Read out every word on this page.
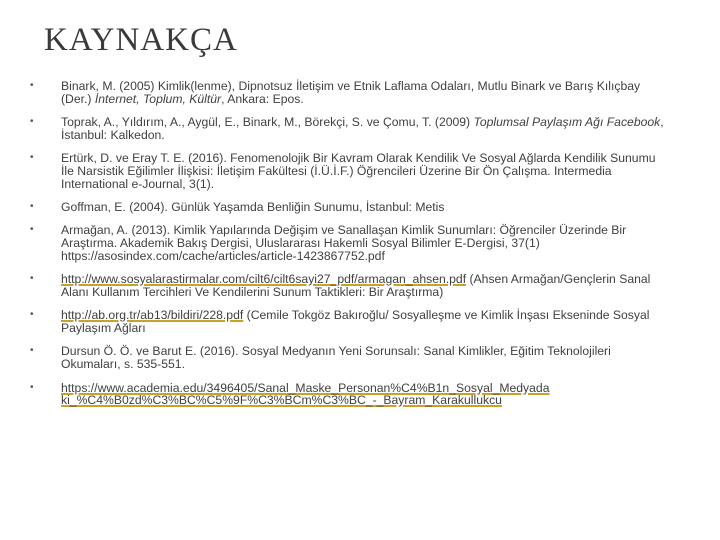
KAYNAKÇA
• Binark, M. (2005) Kimlik(lenme), Dipnotsuz İletişim ve Etnik Laflama Odaları, Mutlu Binark ve Barış Kılıçbay (Der.) İnternet, Toplum, Kültür, Ankara: Epos.
• Toprak, A., Yıldırım, A., Aygül, E., Binark, M., Börekçi, S. ve Çomu, T. (2009) Toplumsal Paylaşım Ağı Facebook, İstanbul: Kalkedon.
• Ertürk, D. ve Eray T. E. (2016). Fenomenolojik Bir Kavram Olarak Kendilik Ve Sosyal Ağlarda Kendilik Sunumu İle Narsistik Eğilimler İlişkisi: İletişim Fakültesi (İ.Ü.İ.F.) Öğrencileri Üzerine Bir Ön Çalışma. Intermedia International e-Journal, 3(1).
• Goffman, E. (2004). Günlük Yaşamda Benliğin Sunumu, İstanbul: Metis
• Armağan, A. (2013). Kimlik Yapılarında Değişim ve Sanallaşan Kimlik Sunumları: Öğrenciler Üzerinde Bir Araştırma. Akademik Bakış Dergisi, Uluslararası Hakemli Sosyal Bilimler E-Dergisi, 37(1) https://asosindex.com/cache/articles/article-1423867752.pdf
• http://www.sosyalarastirmalar.com/cilt6/cilt6sayi27_pdf/armagan_ahsen.pdf (Ahsen Armağan/Gençlerin Sanal Alanı Kullanım Tercihleri Ve Kendilerini Sunum Taktikleri: Bir Araştırma)
• http://ab.org.tr/ab13/bildiri/228.pdf (Cemile Tokgöz Bakıroğlu/ Sosyalleşme ve Kimlik İnşası Ekseninde Sosyal Paylaşım Ağları
• Dursun Ö. Ö. ve Barut E. (2016). Sosyal Medyanın Yeni Sorunsalı: Sanal Kimlikler, Eğitim Teknolojileri Okumaları, s. 535-551.
• https://www.academia.edu/3496405/Sanal_Maske_Personan%C4%B1n_Sosyal_Medyada ki_%C4%B0zd%C3%BC%C5%9F%C3%BCm%C3%BC_-_Bayram_Karakullukcu
